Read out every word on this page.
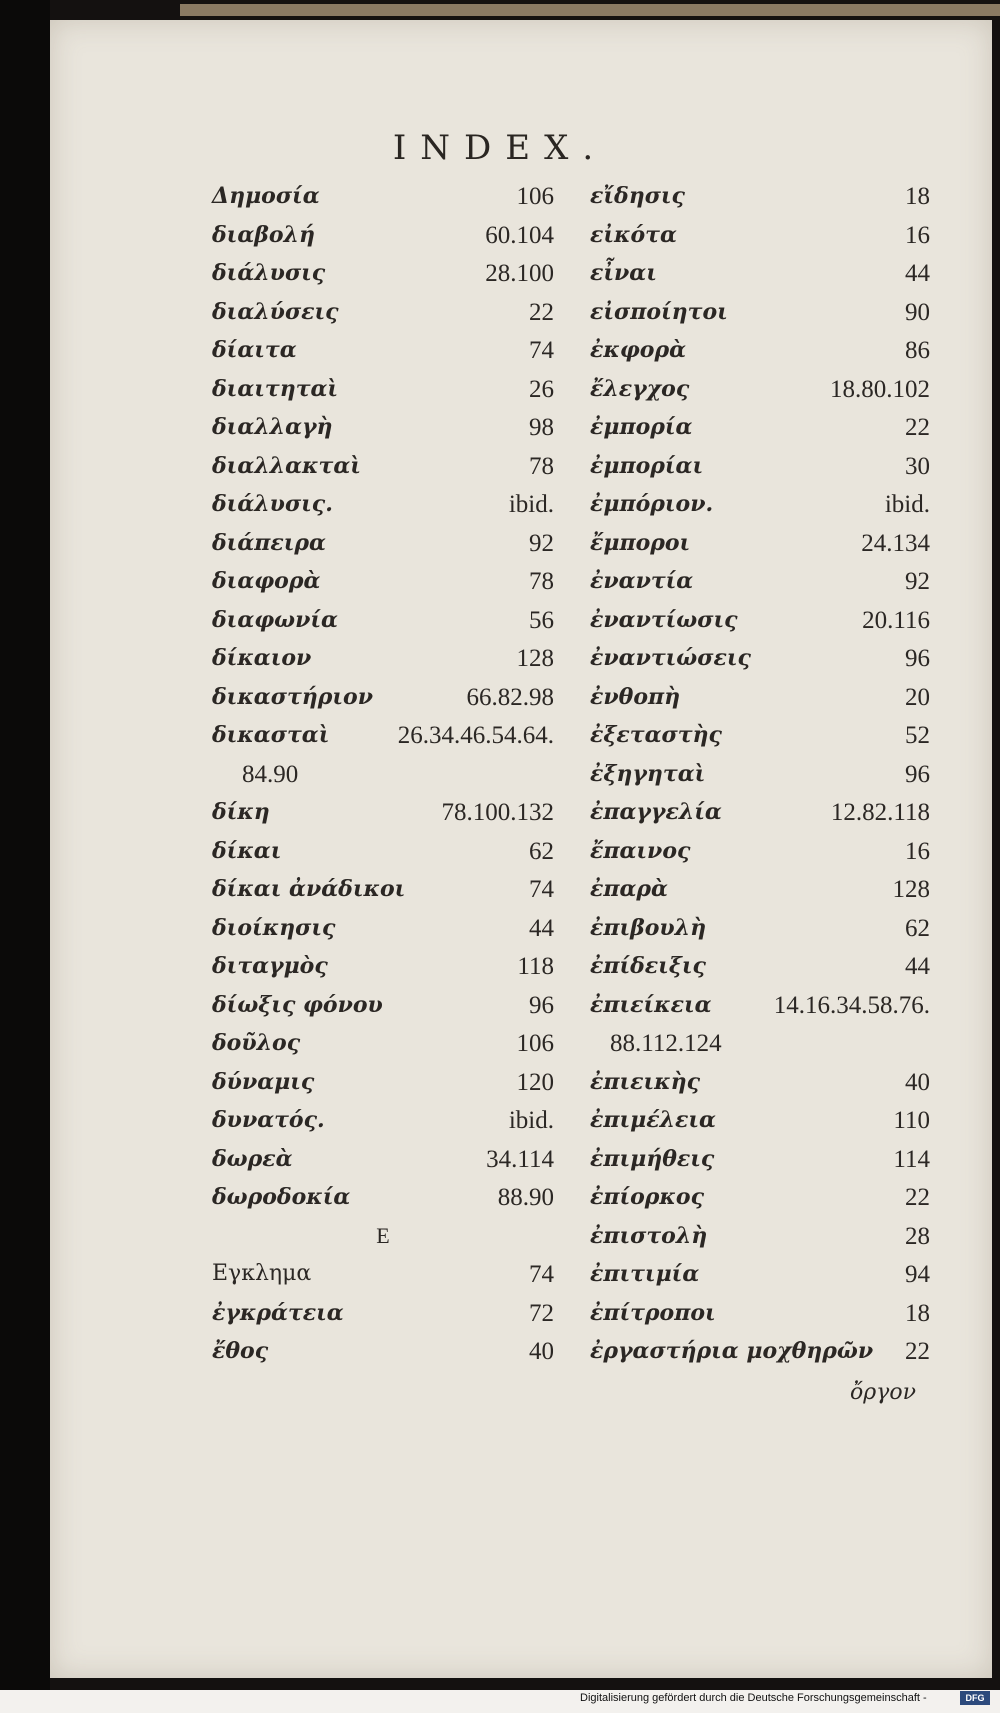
INDEX.
Δημοσία	106
διαβολή	60.104
διάλυσις	28.100
διαλύσεις	22
δίαιτα	74
διαιτηταὶ	26
διαλλαγὴ	98
διαλλακταὶ	78
διάλυσις.	ibid.
διάπειρα	92
διαφορὰ	78
διαφωνία	56
δίκαιον	128
δικαστήριον	66.82.98
δικασταὶ	26.34.46.54.64.
84.90
δίκη	78.100.132
δίκαι	62
δίκαι ἀνάδικοι	74
διοίκησις	44
διταγμὸς	118
δίωξις φόνου	96
δοῦλος	106
δύναμις	120
δυνατός.	ibid.
δωρεὰ	34.114
δωροδοκία	88.90
E
Εγκλημα	74
ἐγκράτεια	72
ἔθος	40
εἴδησις	18
εἰκότα	16
εἶναι	44
εἰσποίητοι	90
ἐκφορὰ	86
ἔλεγχος	18.80.102
ἐμπορία	22
ἐμπορίαι	30
ἐμπόριον.	ibid.
ἔμποροι	24.134
ἐναντία	92
ἐναντίωσις	20.116
ἐναντιώσεις	96
ἐνθοπὴ	20
ἐξεταστὴς	52
ἐξηγηταὶ	96
ἐπαγγελία	12.82.118
ἔπαινος	16
ἐπαρὰ	128
ἐπιβουλὴ	62
ἐπίδειξις	44
ἐπιείκεια 14.16.34.58.76.
88.112.124
ἐπιεικὴς	40
ἐπιμέλεια	110
ἐπιμήθεις	114
ἐπίορκος	22
ἐπιστολὴ	28
ἐπιτιμία	94
ἐπίτροποι	18
ἐργαστήρια μοχθηρῶν 22
ὄργον
Digitalisierung gefördert durch die Deutsche Forschungsgemeinschaft -	DFG
